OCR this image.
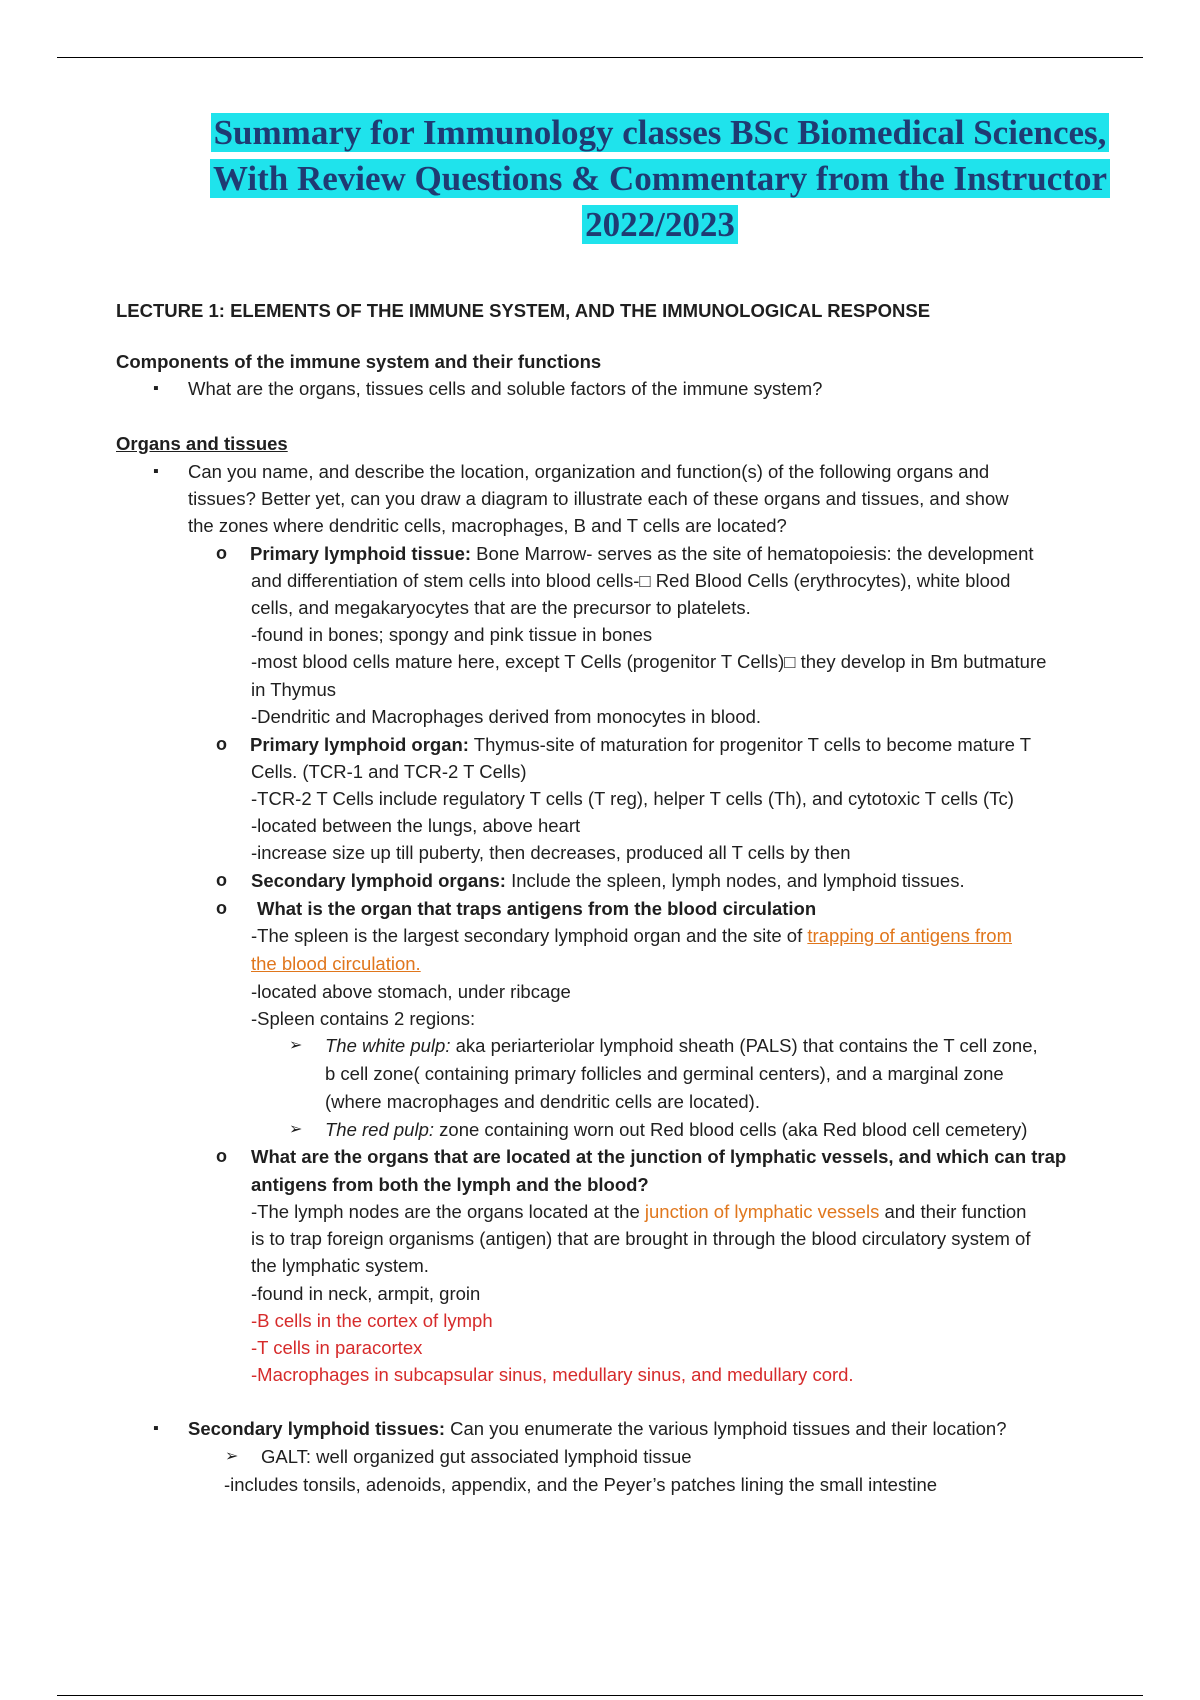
Summary for Immunology classes BSc Biomedical Sciences,
With Review Questions & Commentary from the Instructor
2022/2023
LECTURE 1: ELEMENTS OF THE IMMUNE SYSTEM, AND THE IMMUNOLOGICAL RESPONSE
Components of the immune system and their functions
▪ What are the organs, tissues cells and soluble factors of the immune system?
Organs and tissues
▪ Can you name, and describe the location, organization and function(s) of the following organs and
tissues? Better yet, can you draw a diagram to illustrate each of these organs and tissues, and show
the zones where dendritic cells, macrophages, B and T cells are located?
o Primary lymphoid tissue: Bone Marrow- serves as the site of hematopoiesis: the development
and differentiation of stem cells into blood cells-□ Red Blood Cells (erythrocytes), white blood
cells, and megakaryocytes that are the precursor to platelets.
-found in bones; spongy and pink tissue in bones
-most blood cells mature here, except T Cells (progenitor T Cells)□ they develop in Bm butmature
in Thymus
-Dendritic and Macrophages derived from monocytes in blood.
o Primary lymphoid organ: Thymus-site of maturation for progenitor T cells to become mature T
Cells. (TCR-1 and TCR-2 T Cells)
-TCR-2 T Cells include regulatory T cells (T reg), helper T cells (Th), and cytotoxic T cells (Tc)
-located between the lungs, above heart
-increase size up till puberty, then decreases, produced all T cells by then
o Secondary lymphoid organs: Include the spleen, lymph nodes, and lymphoid tissues.
o What is the organ that traps antigens from the blood circulation
-The spleen is the largest secondary lymphoid organ and the site of trapping of antigens from
the blood circulation.
-located above stomach, under ribcage
-Spleen contains 2 regions:
➢ The white pulp: aka periarteriolar lymphoid sheath (PALS) that contains the T cell zone,
b cell zone( containing primary follicles and germinal centers), and a marginal zone
(where macrophages and dendritic cells are located).
➢ The red pulp: zone containing worn out Red blood cells (aka Red blood cell cemetery)
o What are the organs that are located at the junction of lymphatic vessels, and which can trap
antigens from both the lymph and the blood?
-The lymph nodes are the organs located at the junction of lymphatic vessels and their function
is to trap foreign organisms (antigen) that are brought in through the blood circulatory system of
the lymphatic system.
-found in neck, armpit, groin
-B cells in the cortex of lymph
-T cells in paracortex
-Macrophages in subcapsular sinus, medullary sinus, and medullary cord.
▪ Secondary lymphoid tissues: Can you enumerate the various lymphoid tissues and their location?
➢ GALT: well organized gut associated lymphoid tissue
-includes tonsils, adenoids, appendix, and the Peyer’s patches lining the small intestine
